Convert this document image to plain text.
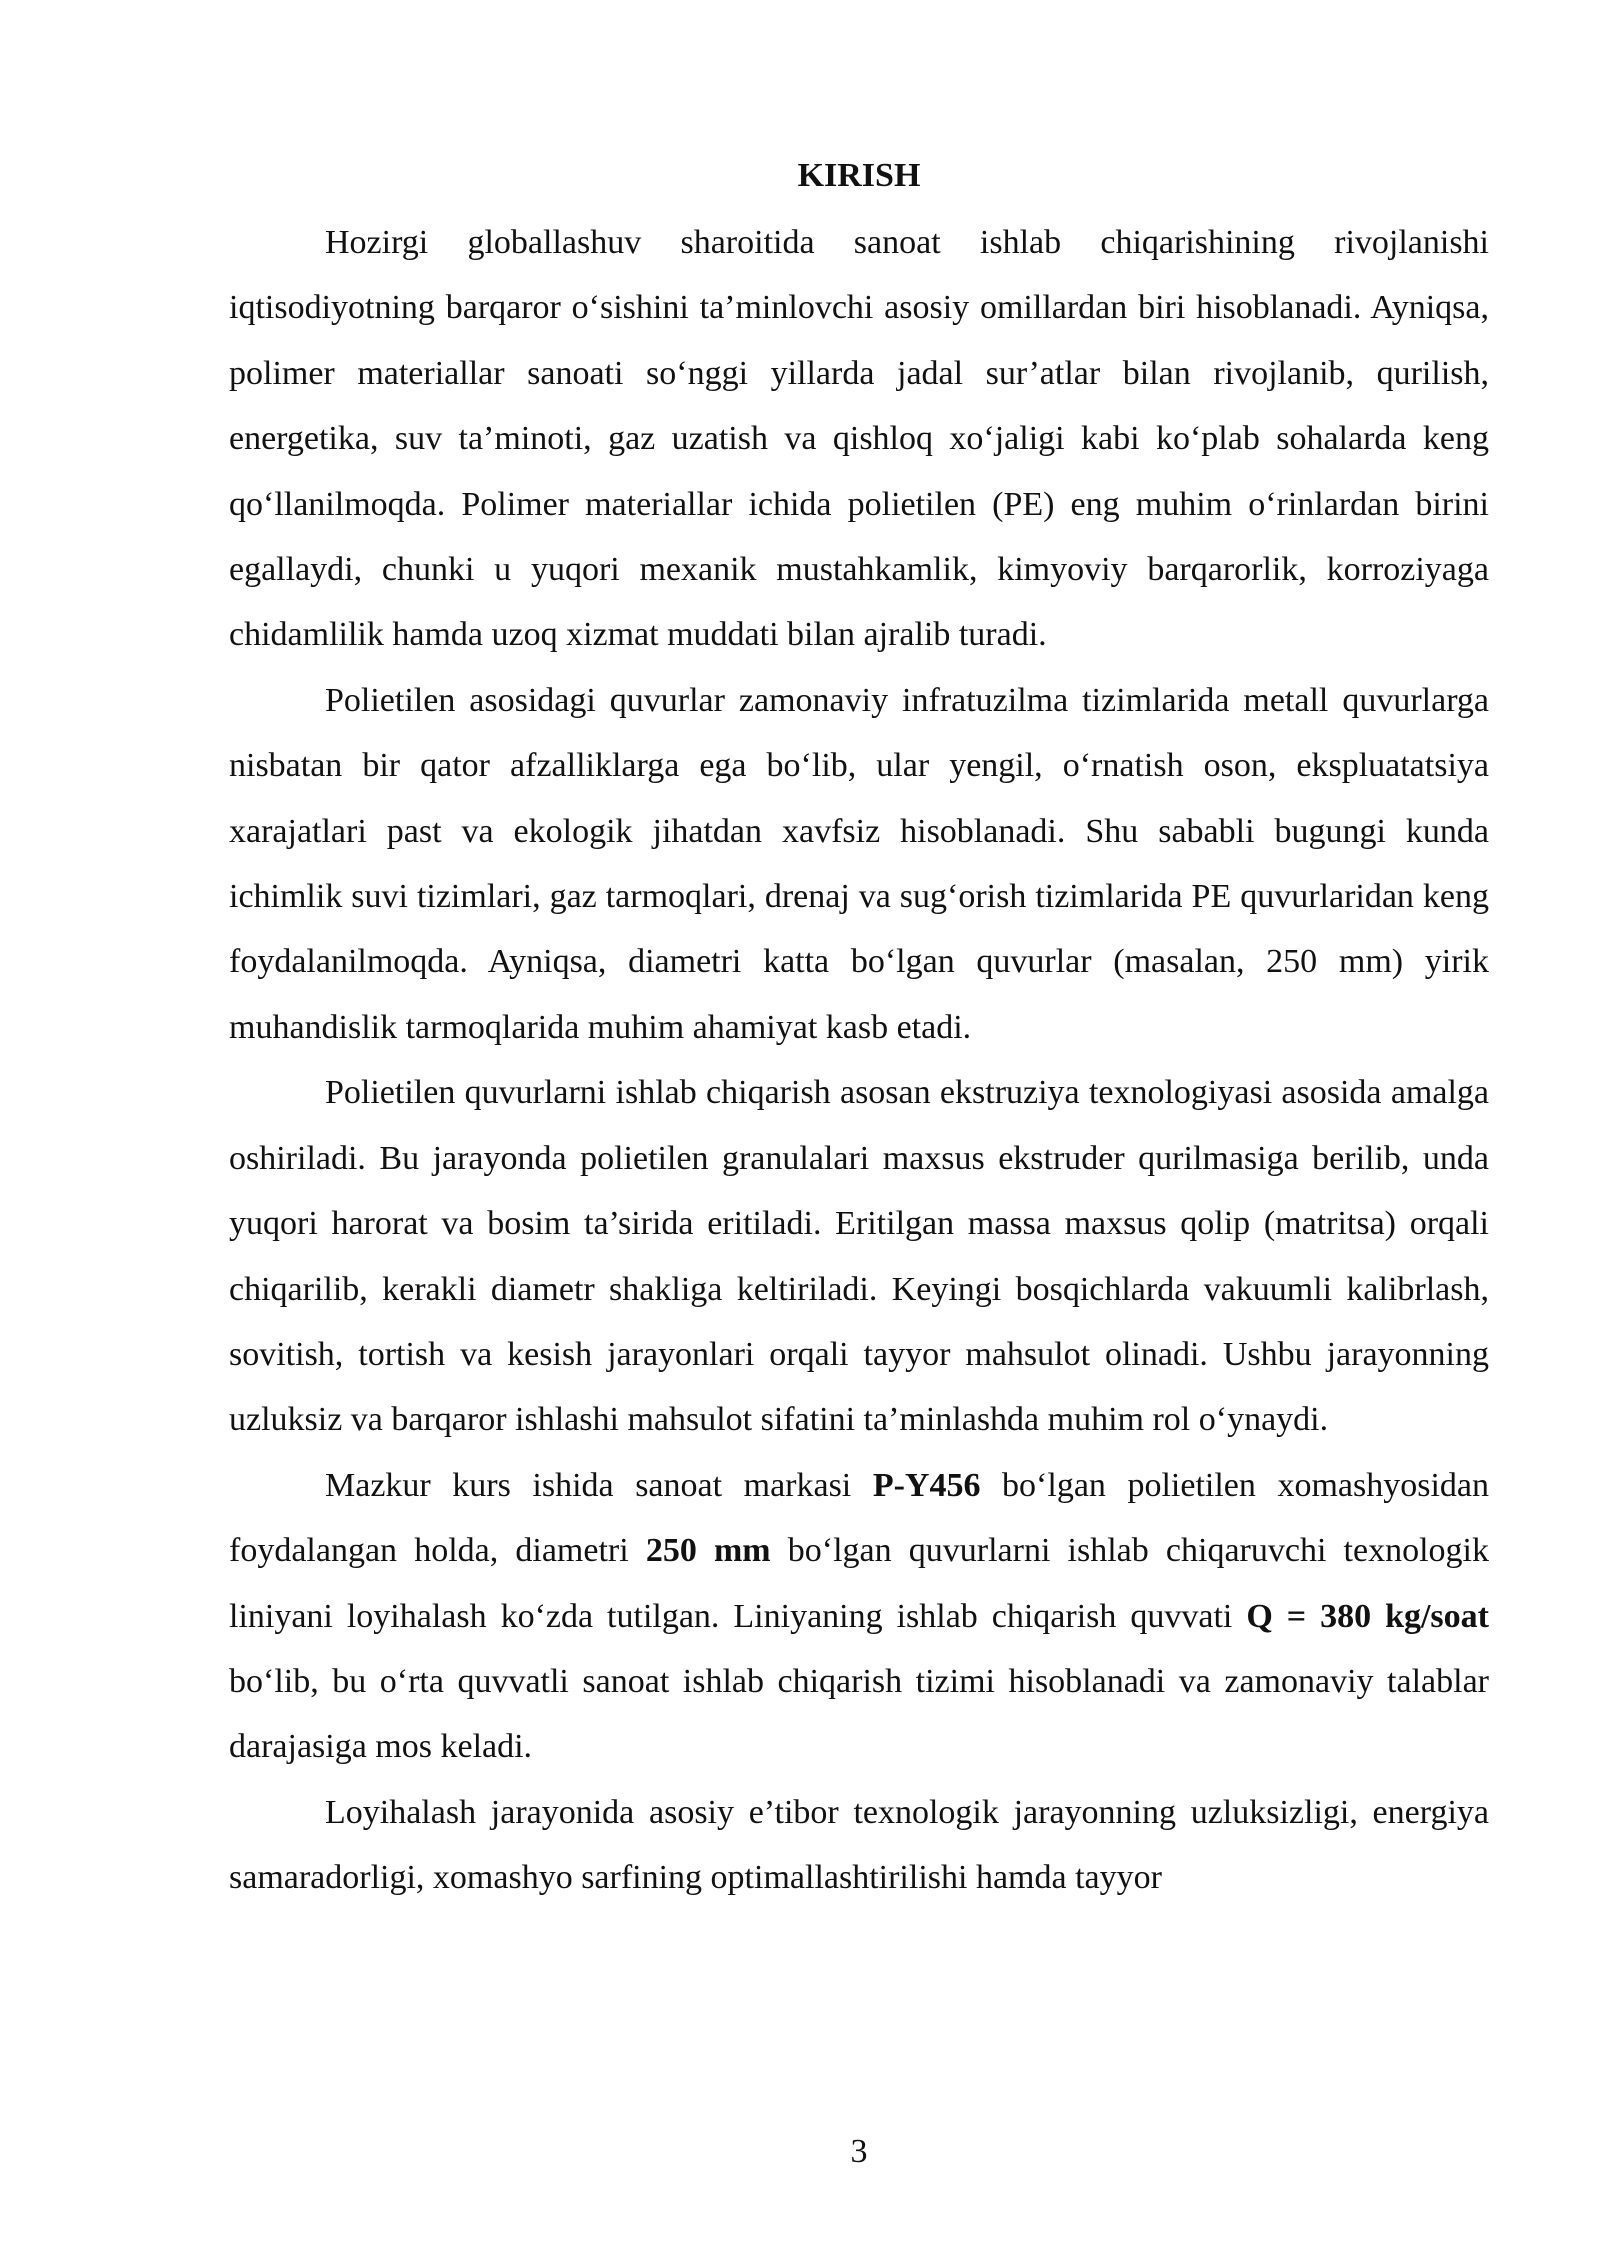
KIRISH

Hozirgi globallashuv sharoitida sanoat ishlab chiqarishining rivojlanishi iqtisodiyotning barqaror o‘sishini ta’minlovchi asosiy omillardan biri hisoblanadi. Ayniqsa, polimer materiallar sanoati so‘nggi yillarda jadal sur’atlar bilan rivojlanib, qurilish, energetika, suv ta’minoti, gaz uzatish va qishloq xo‘jaligi kabi ko‘plab sohalarda keng qo‘llanilmoqda. Polimer materiallar ichida polietilen (PE) eng muhim o‘rinlardan birini egallaydi, chunki u yuqori mexanik mustahkamlik, kimyoviy barqarorlik, korroziyaga chidamlilik hamda uzoq xizmat muddati bilan ajralib turadi.

Polietilen asosidagi quvurlar zamonaviy infratuzilma tizimlarida metall quvurlarga nisbatan bir qator afzalliklarga ega bo‘lib, ular yengil, o‘rnatish oson, ekspluatatsiya xarajatlari past va ekologik jihatdan xavfsiz hisoblanadi. Shu sababli bugungi kunda ichimlik suvi tizimlari, gaz tarmoqlari, drenaj va sug‘orish tizimlarida PE quvurlaridan keng foydalanilmoqda. Ayniqsa, diametri katta bo‘lgan quvurlar (masalan, 250 mm) yirik muhandislik tarmoqlarida muhim ahamiyat kasb etadi.

Polietilen quvurlarni ishlab chiqarish asosan ekstruziya texnologiyasi asosida amalga oshiriladi. Bu jarayonda polietilen granulalari maxsus ekstruder qurilmasiga berilib, unda yuqori harorat va bosim ta’sirida eritiladi. Eritilgan massa maxsus qolip (matritsa) orqali chiqarilib, kerakli diametr shakliga keltiriladi. Keyingi bosqichlarda vakuumli kalibrlash, sovitish, tortish va kesish jarayonlari orqali tayyor mahsulot olinadi. Ushbu jarayonning uzluksiz va barqaror ishlashi mahsulot sifatini ta’minlashda muhim rol o‘ynaydi.

Mazkur kurs ishida sanoat markasi P-Y456 bo‘lgan polietilen xomashyosidan foydalangan holda, diametri 250 mm bo‘lgan quvurlarni ishlab chiqaruvchi texnologik liniyani loyihalash ko‘zda tutilgan. Liniyaning ishlab chiqarish quvvati Q = 380 kg/soat bo‘lib, bu o‘rta quvvatli sanoat ishlab chiqarish tizimi hisoblanadi va zamonaviy talablar darajasiga mos keladi.

Loyihalash jarayonida asosiy e’tibor texnologik jarayonning uzluksizligi, energiya samaradorligi, xomashyo sarfining optimallashtirilishi hamda tayyor

3
